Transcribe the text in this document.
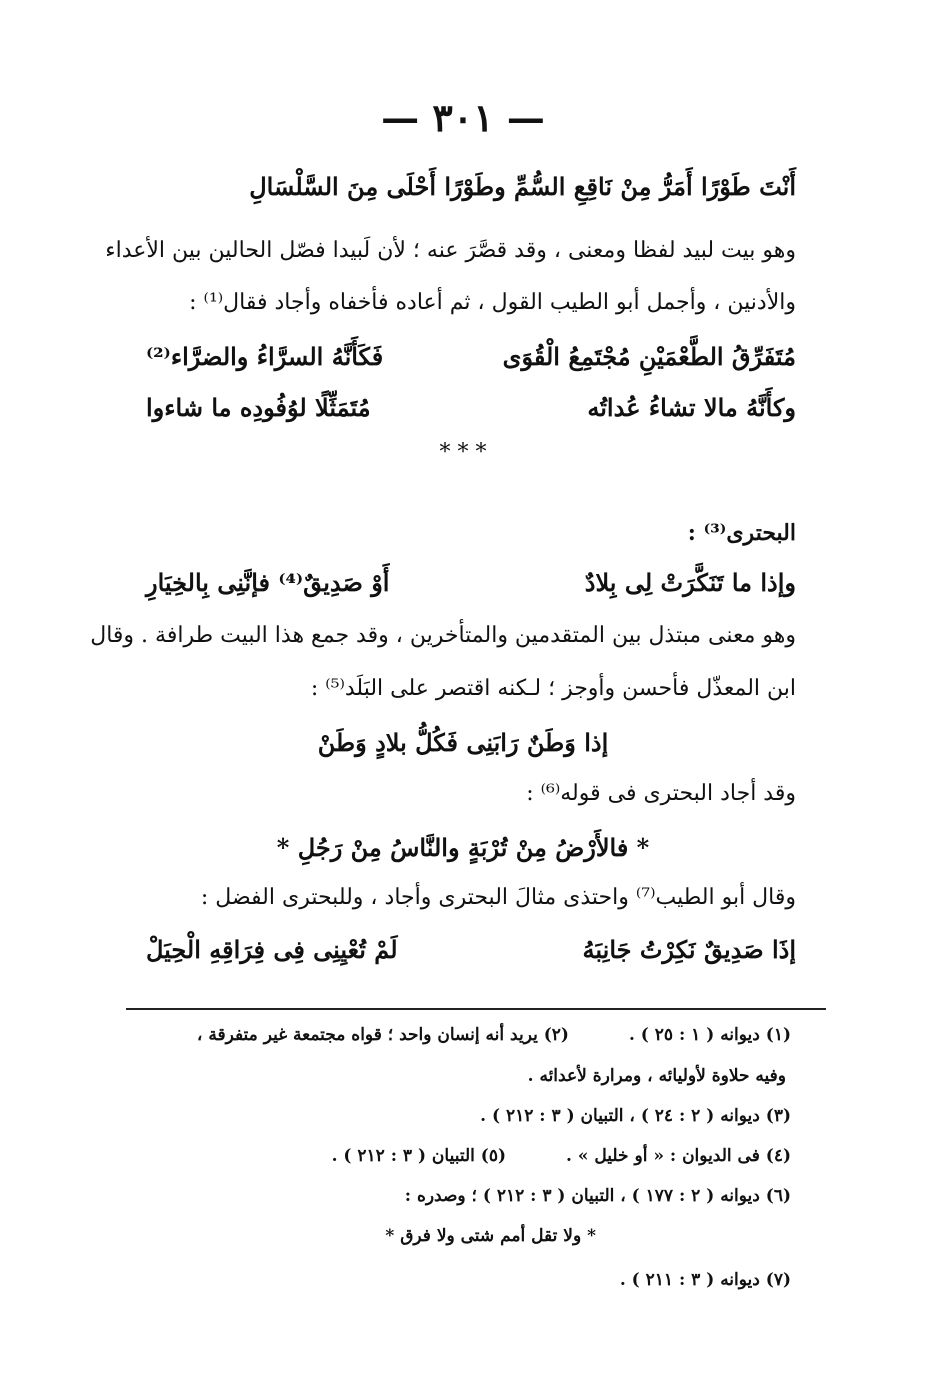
— ٣٠١ —
أَنْتَ طَوْرًا أَمَرُّ مِنْ نَاقِعِ السُّمِّ وطَوْرًا أَحْلَى مِنَ السَّلْسَالِ
وهو بيت لبيد لفظا ومعنى ، وقد قصَّرَ عنه ؛ لأن لَبيدا فصّل الحالين بين الأعداء
والأدنين ، وأجمل أبو الطيب القول ، ثم أعاده فأخفاه وأجاد فقال⁽¹⁾ :
مُتَفَرِّقُ الطَّعْمَيْنِ مُجْتَمِعُ الْقُوَى
فَكَأَنَّهُ السرَّاءُ والضرَّاء⁽²⁾
وكأَنَّهُ مالا تشاءُ عُداتُه
مُتَمَثِّلًا لوُفُودِه ما شاءوا
* * *
البحترى⁽³⁾ :
وإذا ما تَنَكَّرَتْ لِى بِلادٌ
أَوْ صَدِيقٌ⁽⁴⁾ فإنَّنِى بِالخِيَارِ
وهو معنى مبتذل بين المتقدمين والمتأخرين ، وقد جمع هذا البيت طرافة . وقال
ابن المعذّل فأحسن وأوجز ؛ لـكنه اقتصر على البَلَد⁽⁵⁾ :
إذا وَطَنٌ رَابَنِى فَكُلُّ بلادٍ وَطَنْ
وقد أجاد البحترى فى قوله⁽⁶⁾ :
* فالأَرْضُ مِنْ تُرْبَةٍ والنَّاسُ مِنْ رَجُلِ *
وقال أبو الطيب⁽⁷⁾ واحتذى مثالَ البحترى وأجاد ، وللبحترى الفضل :
إذَا صَدِيقٌ نَكِرْتُ جَانِبَهُ
لَمْ تُعْيِنِى فِى فِرَاقِهِ الْحِيَلْ
(١) ديوانه ( ١ : ٢٥ ) .(٢) يريد أنه إنسان واحد ؛ قواه مجتمعة غير متفرقة ،
وفيه حلاوة لأوليائه ، ومرارة لأعدائه .
(٣) ديوانه ( ٢ : ٢٤ ) ، التبيان ( ٣ : ٢١٢ ) .
(٤) فى الديوان : « أو خليل » .(٥) التبيان ( ٣ : ٢١٢ ) .
(٦) ديوانه ( ٢ : ١٧٧ ) ، التبيان ( ٣ : ٢١٢ ) ؛ وصدره :
* ولا تقل أمم شتى ولا فرق *
(٧) ديوانه ( ٣ : ٢١١ ) .
